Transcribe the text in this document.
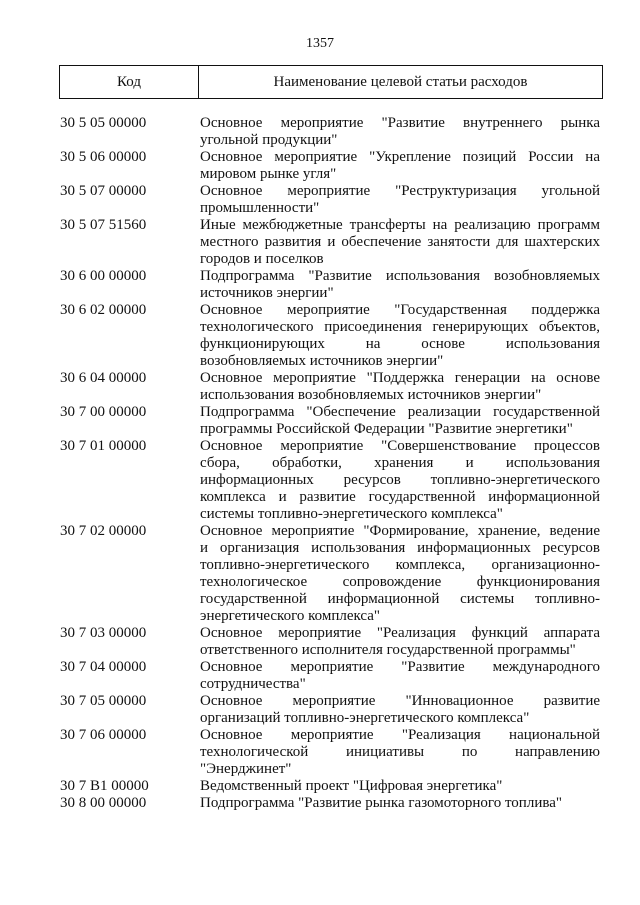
1357
Код	Наименование целевой статьи расходов
30 5 05 00000	Основное мероприятие "Развитие внутреннего рынка
угольной продукции"
30 5 06 00000	Основное мероприятие "Укрепление позиций России на
мировом рынке угля"
30 5 07 00000	Основное мероприятие "Реструктуризация угольной
промышленности"
30 5 07 51560	Иные межбюджетные трансферты на реализацию программ
местного развития и обеспечение занятости для шахтерских
городов и поселков
30 6 00 00000	Подпрограмма "Развитие использования возобновляемых
источников энергии"
30 6 02 00000	Основное мероприятие "Государственная поддержка
технологического присоединения генерирующих объектов,
функционирующих на основе использования
возобновляемых источников энергии"
30 6 04 00000	Основное мероприятие "Поддержка генерации на основе
использования возобновляемых источников энергии"
30 7 00 00000	Подпрограмма "Обеспечение реализации государственной
программы Российской Федерации "Развитие энергетики"
30 7 01 00000	Основное мероприятие "Совершенствование процессов
сбора, обработки, хранения и использования
информационных ресурсов топливно-энергетического
комплекса и развитие государственной информационной
системы топливно-энергетического комплекса"
30 7 02 00000	Основное мероприятие "Формирование, хранение, ведение
и организация использования информационных ресурсов
топливно-энергетического комплекса, организационно-
технологическое сопровождение функционирования
государственной информационной системы топливно-
энергетического комплекса"
30 7 03 00000	Основное мероприятие "Реализация функций аппарата
ответственного исполнителя государственной программы"
30 7 04 00000	Основное мероприятие "Развитие международного
сотрудничества"
30 7 05 00000	Основное мероприятие "Инновационное развитие
организаций топливно-энергетического комплекса"
30 7 06 00000	Основное мероприятие "Реализация национальной
технологической инициативы по направлению
"Энерджинет"
30 7 В1 00000	Ведомственный проект "Цифровая энергетика"
30 8 00 00000	Подпрограмма "Развитие рынка газомоторного топлива"
